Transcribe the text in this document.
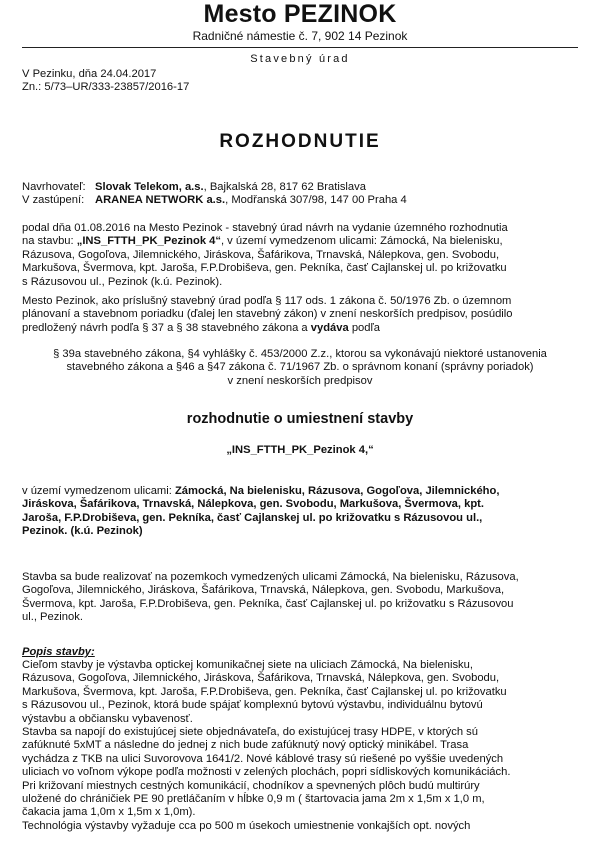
Mesto PEZINOK
Radničné námestie č. 7, 902 14 Pezinok
Stavebný úrad
V Pezinku, dňa 24.04.2017
Zn.: 5/73–UR/333-23857/2016-17
ROZHODNUTIE
Navrhovateľ: Slovak Telekom, a.s., Bajkalská 28, 817 62 Bratislava
V zastúpení: ARANEA NETWORK a.s., Modřanská 307/98, 147 00 Praha 4
podal dňa 01.08.2016 na Mesto Pezinok - stavebný úrad návrh na vydanie územného rozhodnutia
na stavbu: „INS_FTTH_PK_Pezinok 4“, v území vymedzenom ulicami: Zámocká, Na bielenisku,
Rázusova, Gogoľova, Jilemnického, Jiráskova, Šafárikova, Trnavská, Nálepkova, gen. Svobodu,
Markušova, Švermova, kpt. Jaroša, F.P.Drobiševa, gen. Pekníka, časť Cajlanskej ul. po križovatku
s Rázusovou ul., Pezinok (k.ú. Pezinok).
Mesto Pezinok, ako príslušný stavebný úrad podľa § 117 ods. 1 zákona č. 50/1976 Zb. o územnom
plánovaní a stavebnom poriadku (ďalej len stavebný zákon) v znení neskorších predpisov, posúdilo
predložený návrh podľa § 37 a § 38 stavebného zákona a vydáva podľa
§ 39a stavebného zákona, §4 vyhlášky č. 453/2000 Z.z., ktorou sa vykonávajú niektoré ustanovenia
stavebného zákona a §46 a §47 zákona č. 71/1967 Zb. o správnom konaní (správny poriadok)
v znení neskorších predpisov
rozhodnutie o umiestnení stavby
„INS_FTTH_PK_Pezinok 4,“
v území vymedzenom ulicami: Zámocká, Na bielenisku, Rázusova, Gogoľova, Jilemnického,
Jiráskova, Šafárikova, Trnavská, Nálepkova, gen. Svobodu, Markušova, Švermova, kpt.
Jaroša, F.P.Drobiševa, gen. Pekníka, časť Cajlanskej ul. po križovatku s Rázusovou ul.,
Pezinok. (k.ú. Pezinok)
Stavba sa bude realizovať na pozemkoch vymedzených ulicami Zámocká, Na bielenisku, Rázusova,
Gogoľova, Jilemnického, Jiráskova, Šafárikova, Trnavská, Nálepkova, gen. Svobodu, Markušova,
Švermova, kpt. Jaroša, F.P.Drobiševa, gen. Pekníka, časť Cajlanskej ul. po križovatku s Rázusovou
ul., Pezinok.
Popis stavby:
Cieľom stavby je výstavba optickej komunikačnej siete na uliciach Zámocká, Na bielenisku,
Rázusova, Gogoľova, Jilemnického, Jiráskova, Šafárikova, Trnavská, Nálepkova, gen. Svobodu,
Markušova, Švermova, kpt. Jaroša, F.P.Drobiševa, gen. Pekníka, časť Cajlanskej ul. po križovatku
s Rázusovou ul., Pezinok, ktorá bude spájať komplexnú bytovú výstavbu, individuálnu bytovú
výstavbu a občiansku vybavenosť.
Stavba sa napojí do existujúcej siete objednávateľa, do existujúcej trasy HDPE, v ktorých sú
zafúknuté 5xMT a následne do jednej z nich bude zafúknutý nový optický minikábel. Trasa
vychádza z TKB na ulici Suvorovova 1641/2. Nové káblové trasy sú riešené po vyššie uvedených
uliciach vo voľnom výkope podľa možnosti v zelených plochách, popri sídliskových komunikáciách.
Pri križovaní miestnych cestných komunikácií, chodníkov a spevnených plôch budú multirúry
uložené do chráničiek PE 90 pretláčaním v hĺbke 0,9 m ( štartovacia jama 2m x 1,5m x 1,0 m,
čakacia jama 1,0m x 1,5m x 1,0m).
Technológia výstavby vyžaduje cca po 500 m úsekoch umiestnenie vonkajších opt. nových
